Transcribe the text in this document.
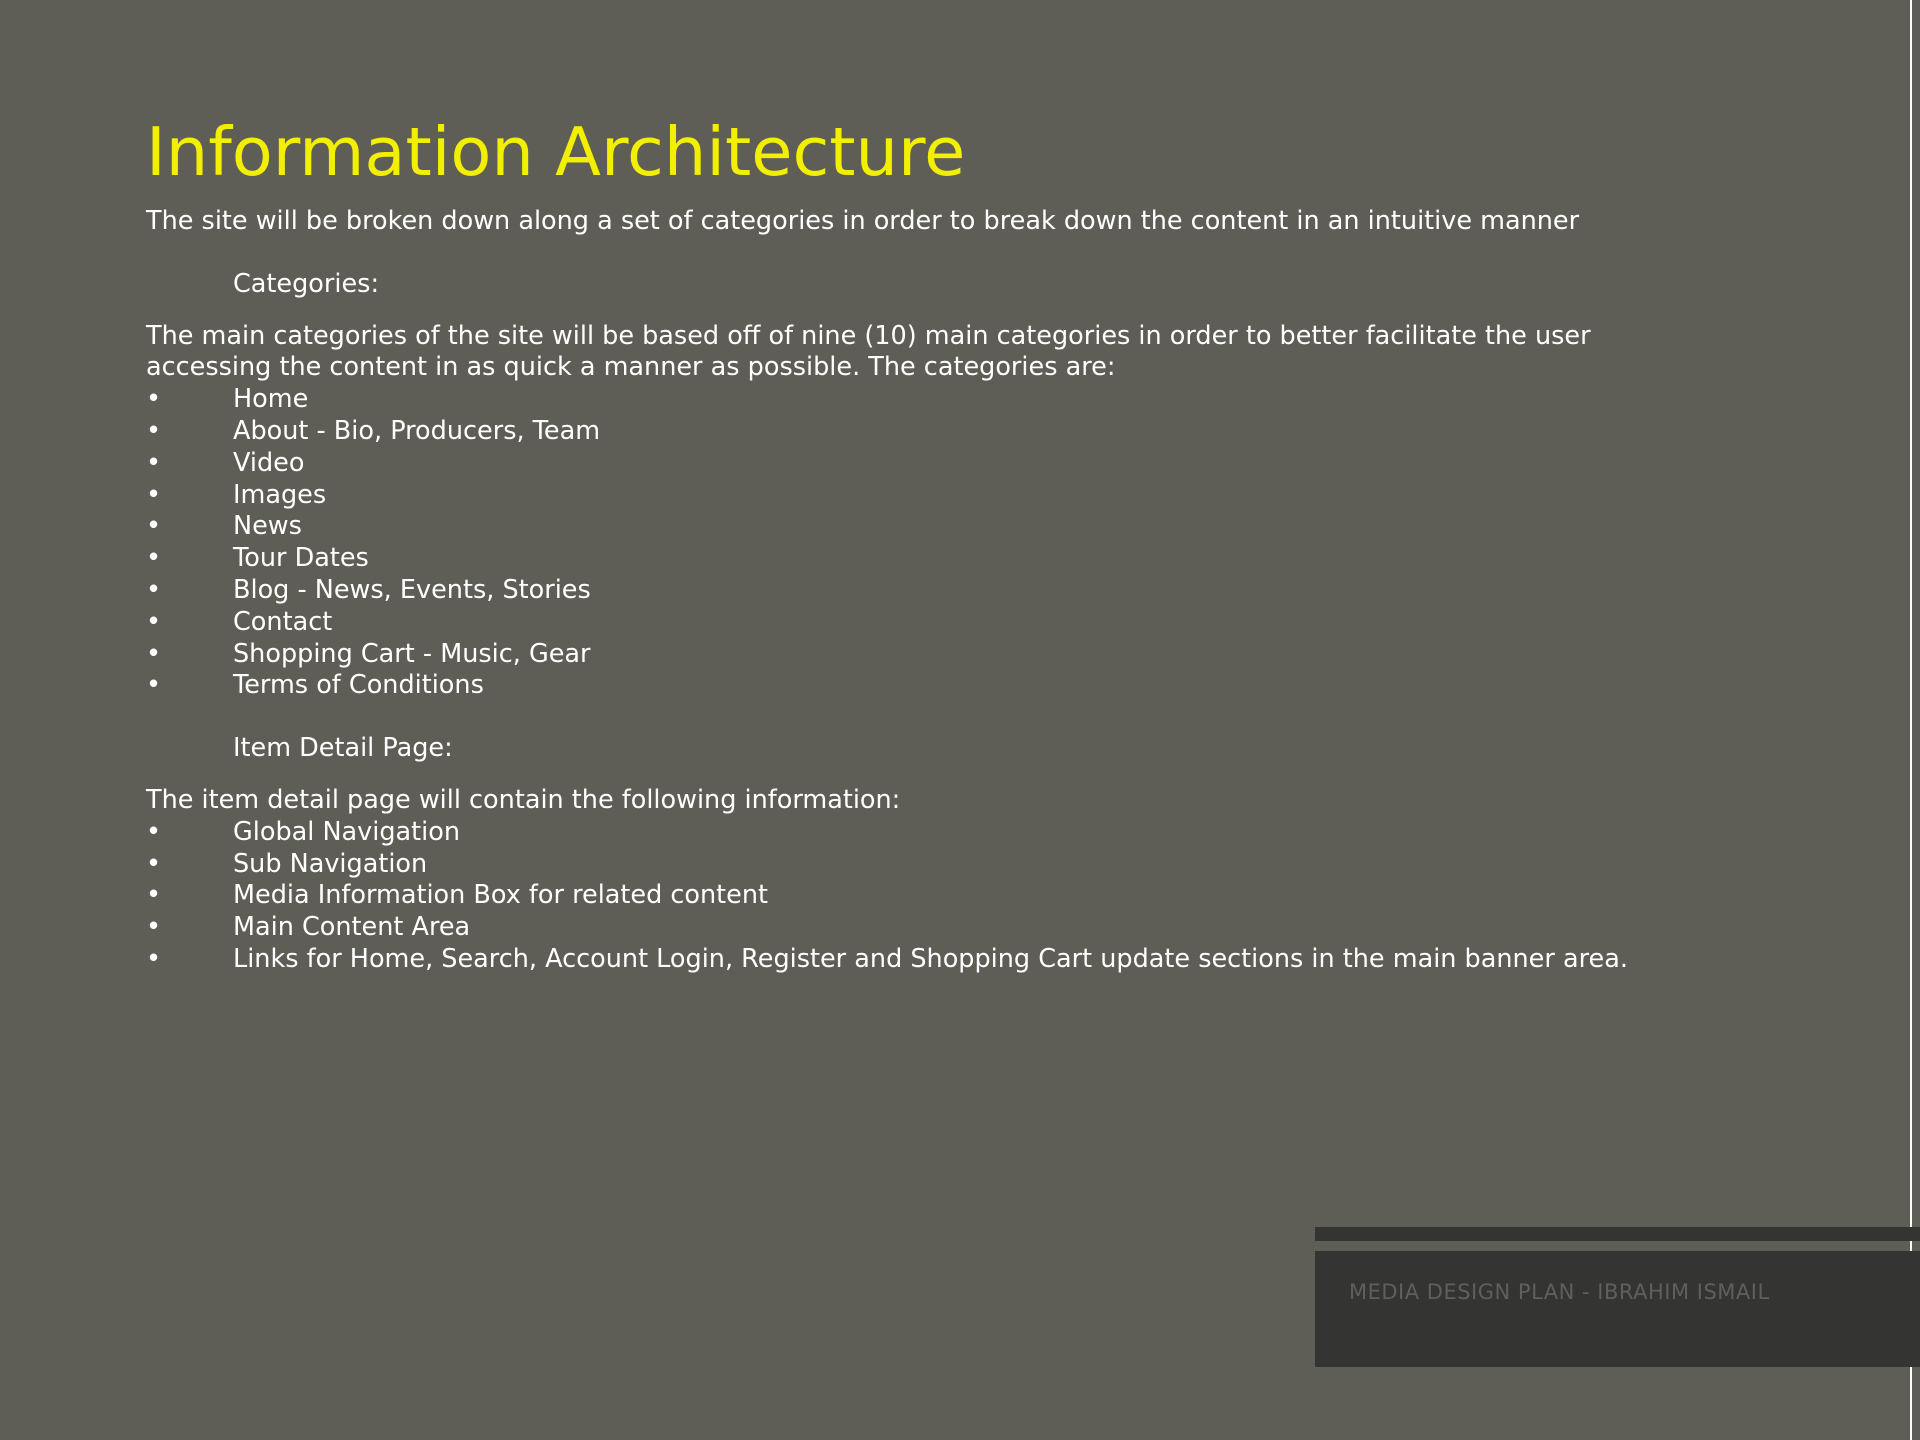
Information Architecture

The site will be broken down along a set of categories in order to break down the content in an intuitive manner

Categories:

The main categories of the site will be based off of nine (10) main categories in order to better facilitate the user

accessing the content in as quick a manner as possible. The categories are:

•	Home
•	About - Bio, Producers, Team
•	Video
•	Images
•	News
•	Tour Dates
•	Blog - News, Events, Stories
•	Contact
•	Shopping Cart - Music, Gear
•	Terms of Conditions

Item Detail Page:

The item detail page will contain the following information:

•	Global Navigation
•	Sub Navigation
•	Media Information Box for related content
•	Main Content Area
•	Links for Home, Search, Account Login, Register and Shopping Cart update sections in the main banner area.
MEDIA DESIGN PLAN - IBRAHIM ISMAIL
